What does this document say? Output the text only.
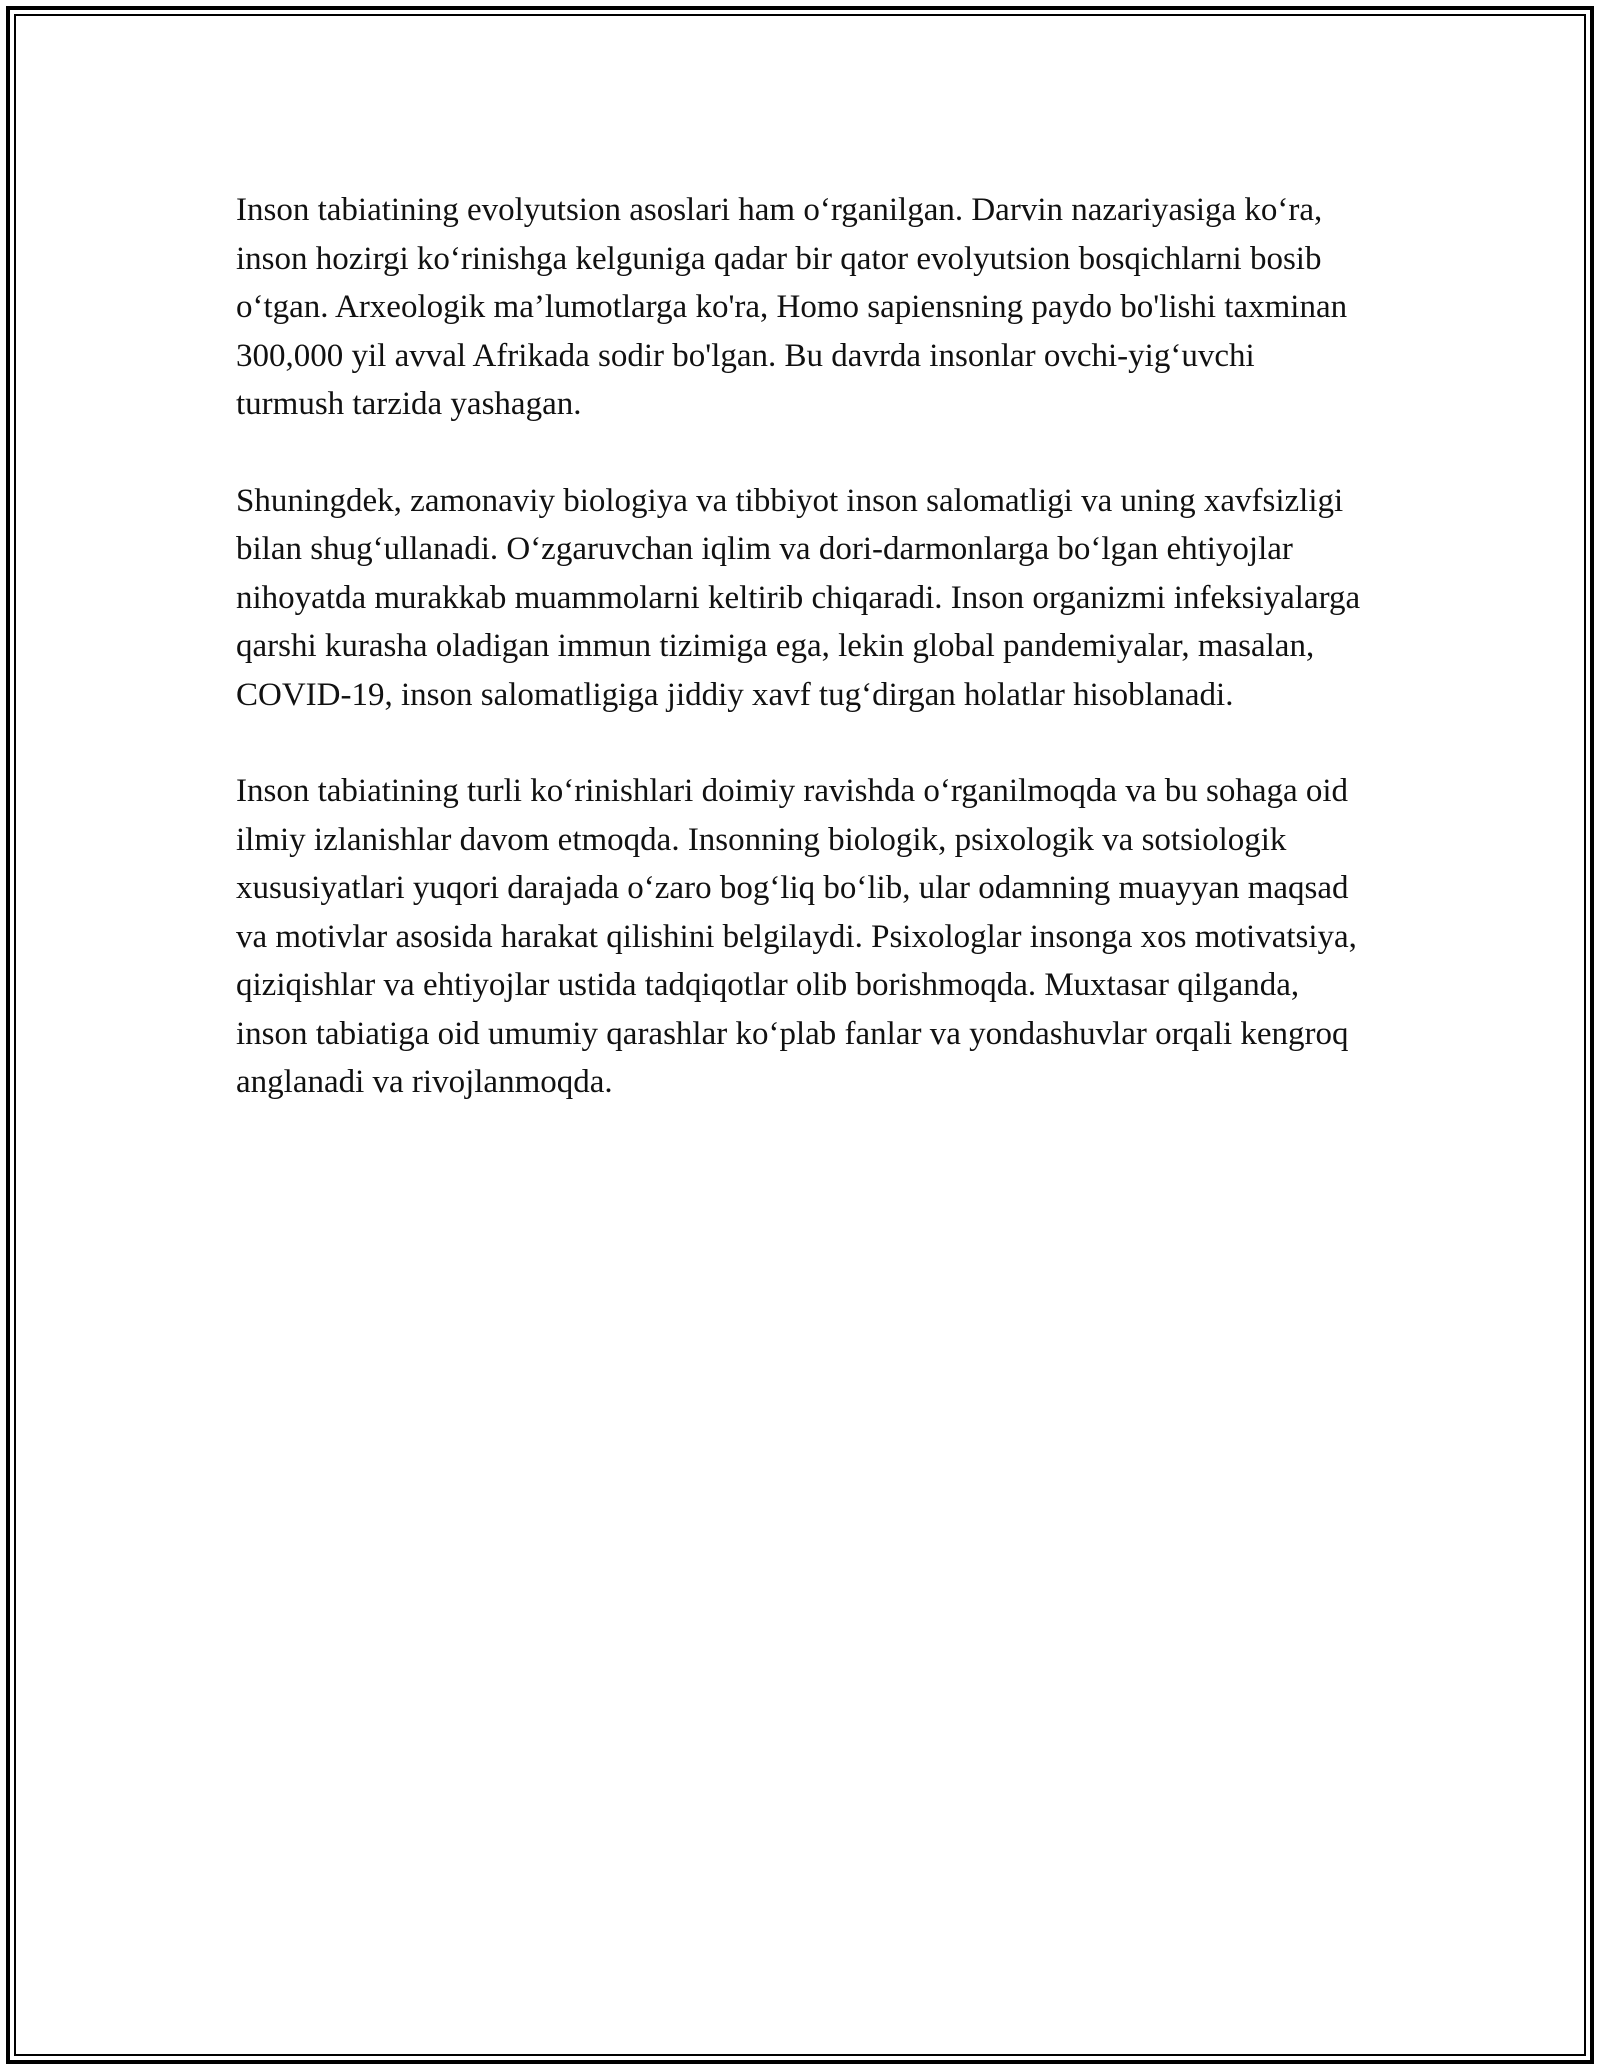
Inson tabiatining evolyutsion asoslari ham o‘rganilgan. Darvin nazariyasiga ko‘ra, inson hozirgi ko‘rinishga kelguniga qadar bir qator evolyutsion bosqichlarni bosib o‘tgan. Arxeologik ma’lumotlarga ko'ra, Homo sapiensning paydo bo'lishi taxminan 300,000 yil avval Afrikada sodir bo'lgan. Bu davrda insonlar ovchi-yig‘uvchi turmush tarzida yashagan.

Shuningdek, zamonaviy biologiya va tibbiyot inson salomatligi va uning xavfsizligi bilan shug‘ullanadi. O‘zgaruvchan iqlim va dori-darmonlarga bo‘lgan ehtiyojlar nihoyatda murakkab muammolarni keltirib chiqaradi. Inson organizmi infeksiyalarga qarshi kurasha oladigan immun tizimiga ega, lekin global pandemiyalar, masalan, COVID-19, inson salomatligiga jiddiy xavf tug‘dirgan holatlar hisoblanadi.

Inson tabiatining turli ko‘rinishlari doimiy ravishda o‘rganilmoqda va bu sohaga oid ilmiy izlanishlar davom etmoqda. Insonning biologik, psixologik va sotsiologik xususiyatlari yuqori darajada o‘zaro bog‘liq bo‘lib, ular odamning muayyan maqsad va motivlar asosida harakat qilishini belgilaydi. Psixologlar insonga xos motivatsiya, qiziqishlar va ehtiyojlar ustida tadqiqotlar olib borishmoqda. Muxtasar qilganda, inson tabiatiga oid umumiy qarashlar ko‘plab fanlar va yondashuvlar orqali kengroq anglanadi va rivojlanmoqda.
